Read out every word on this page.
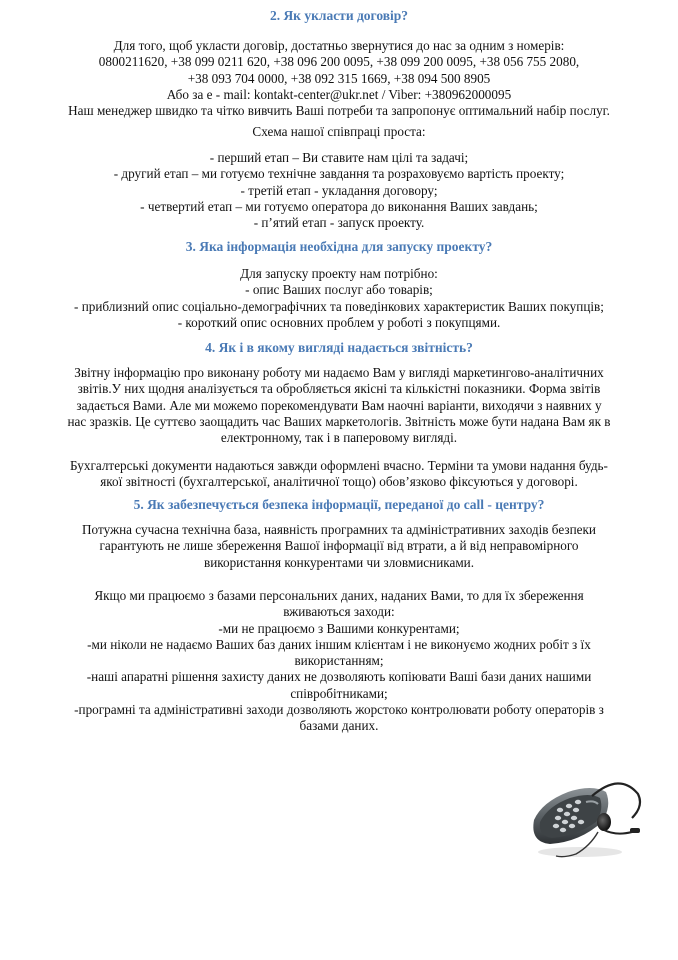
2. Як укласти договір?
Для того, щоб укласти договір, достатньо звернутися до нас за одним з номерів:
0800211620, +38 099 0211 620, +38 096 200 0095, +38 099 200 0095, +38 056 755 2080,
+38 093 704 0000, +38 092 315 1669, +38 094 500 8905
Або за e - mail: kontakt-center@ukr.net / Viber: +380962000095
Наш менеджер швидко та чітко вивчить Ваші потреби та запропонує оптимальний набір послуг.
Схема нашої співпраці проста:
- перший етап – Ви ставите нам цілі та задачі;
- другий етап – ми готуємо технічне завдання та розраховуємо вартість проекту;
- третій етап - укладання договору;
- четвертий етап – ми готуємо оператора до виконання Ваших завдань;
- п’ятий етап - запуск проекту.
3. Яка інформація необхідна для запуску проекту?
Для запуску проекту нам потрібно:
- опис Ваших послуг або товарів;
- приблизний опис соціально-демографічних та поведінкових характеристик Ваших покупців;
- короткий опис основних проблем у роботі з покупцями.
4. Як і в якому вигляді надається звітність?
Звітну інформацію про виконану роботу ми надаємо Вам у вигляді маркетингово-аналітичних
звітів.У них щодня аналізується та обробляється якісні та кількістні показники. Форма звітів
задається Вами. Але ми можемо порекомендувати Вам наочні варіанти, виходячи з наявних у
нас зразків. Це суттєво заощадить час Ваших маркетологів. Звітність може бути надана Вам як в
електронному, так і в паперовому вигляді.
Бухгалтерські документи надаються завжди оформлені вчасно. Терміни та умови надання будь-
якої звітності (бухгалтерської, аналітичної тощо) обов’язково фіксуються у договорі.
5. Як забезпечується безпека інформації, переданої до call - центру?
Потужна сучасна технічна база, наявність програмних та адміністративних заходів безпеки
гарантують не лише збереження Вашої інформації від втрати, а й від неправомірного
використання конкурентами чи зловмисниками.
Якщо ми працюємо з базами персональних даних, наданих Вами, то для їх збереження
вживаються заходи:
-ми не працюємо з Вашими конкурентами;
-ми ніколи не надаємо Ваших баз даних іншим клієнтам і не виконуємо жодних робіт з їх
використанням;
-наші апаратні рішення захисту даних не дозволяють копіювати Ваші бази даних нашими
співробітниками;
-програмні та адміністративні заходи дозволяють жорстоко контролювати роботу операторів з
базами даних.
